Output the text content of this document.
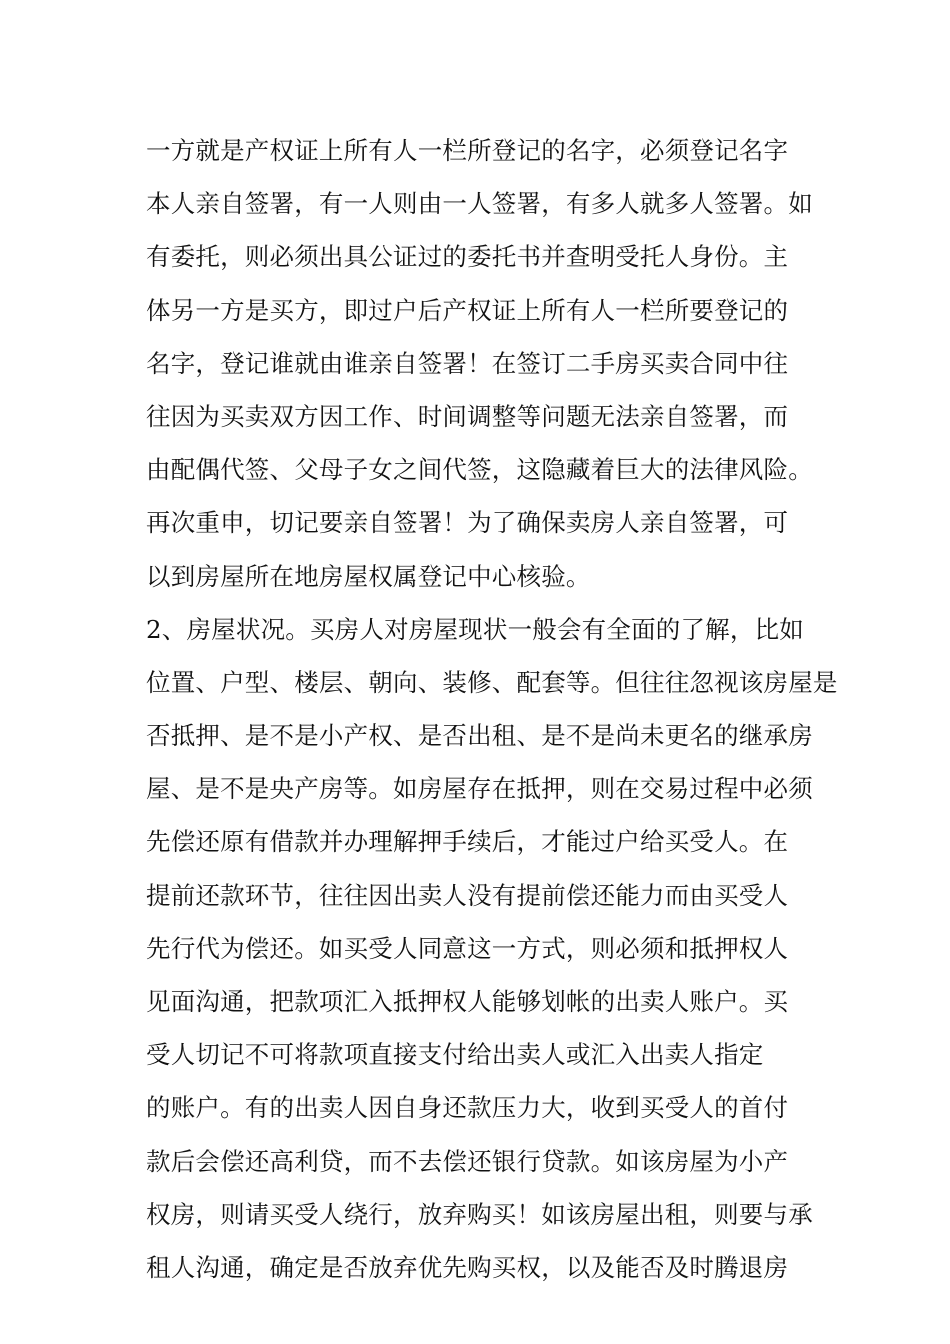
一方就是产权证上所有人一栏所登记的名字，必须登记名字
本人亲自签署，有一人则由一人签署，有多人就多人签署。如
有委托，则必须出具公证过的委托书并查明受托人身份。主
体另一方是买方，即过户后产权证上所有人一栏所要登记的
名字，登记谁就由谁亲自签署！在签订二手房买卖合同中往
往因为买卖双方因工作、时间调整等问题无法亲自签署，而
由配偶代签、父母子女之间代签，这隐藏着巨大的法律风险。
再次重申，切记要亲自签署！为了确保卖房人亲自签署，可
以到房屋所在地房屋权属登记中心核验。
2、房屋状况。买房人对房屋现状一般会有全面的了解，比如
位置、户型、楼层、朝向、装修、配套等。但往往忽视该房屋是
否抵押、是不是小产权、是否出租、是不是尚未更名的继承房
屋、是不是央产房等。如房屋存在抵押，则在交易过程中必须
先偿还原有借款并办理解押手续后，才能过户给买受人。在
提前还款环节，往往因出卖人没有提前偿还能力而由买受人
先行代为偿还。如买受人同意这一方式，则必须和抵押权人
见面沟通，把款项汇入抵押权人能够划帐的出卖人账户。买
受人切记不可将款项直接支付给出卖人或汇入出卖人指定
的账户。有的出卖人因自身还款压力大，收到买受人的首付
款后会偿还高利贷，而不去偿还银行贷款。如该房屋为小产
权房，则请买受人绕行，放弃购买！如该房屋出租，则要与承
租人沟通，确定是否放弃优先购买权，以及能否及时腾退房
